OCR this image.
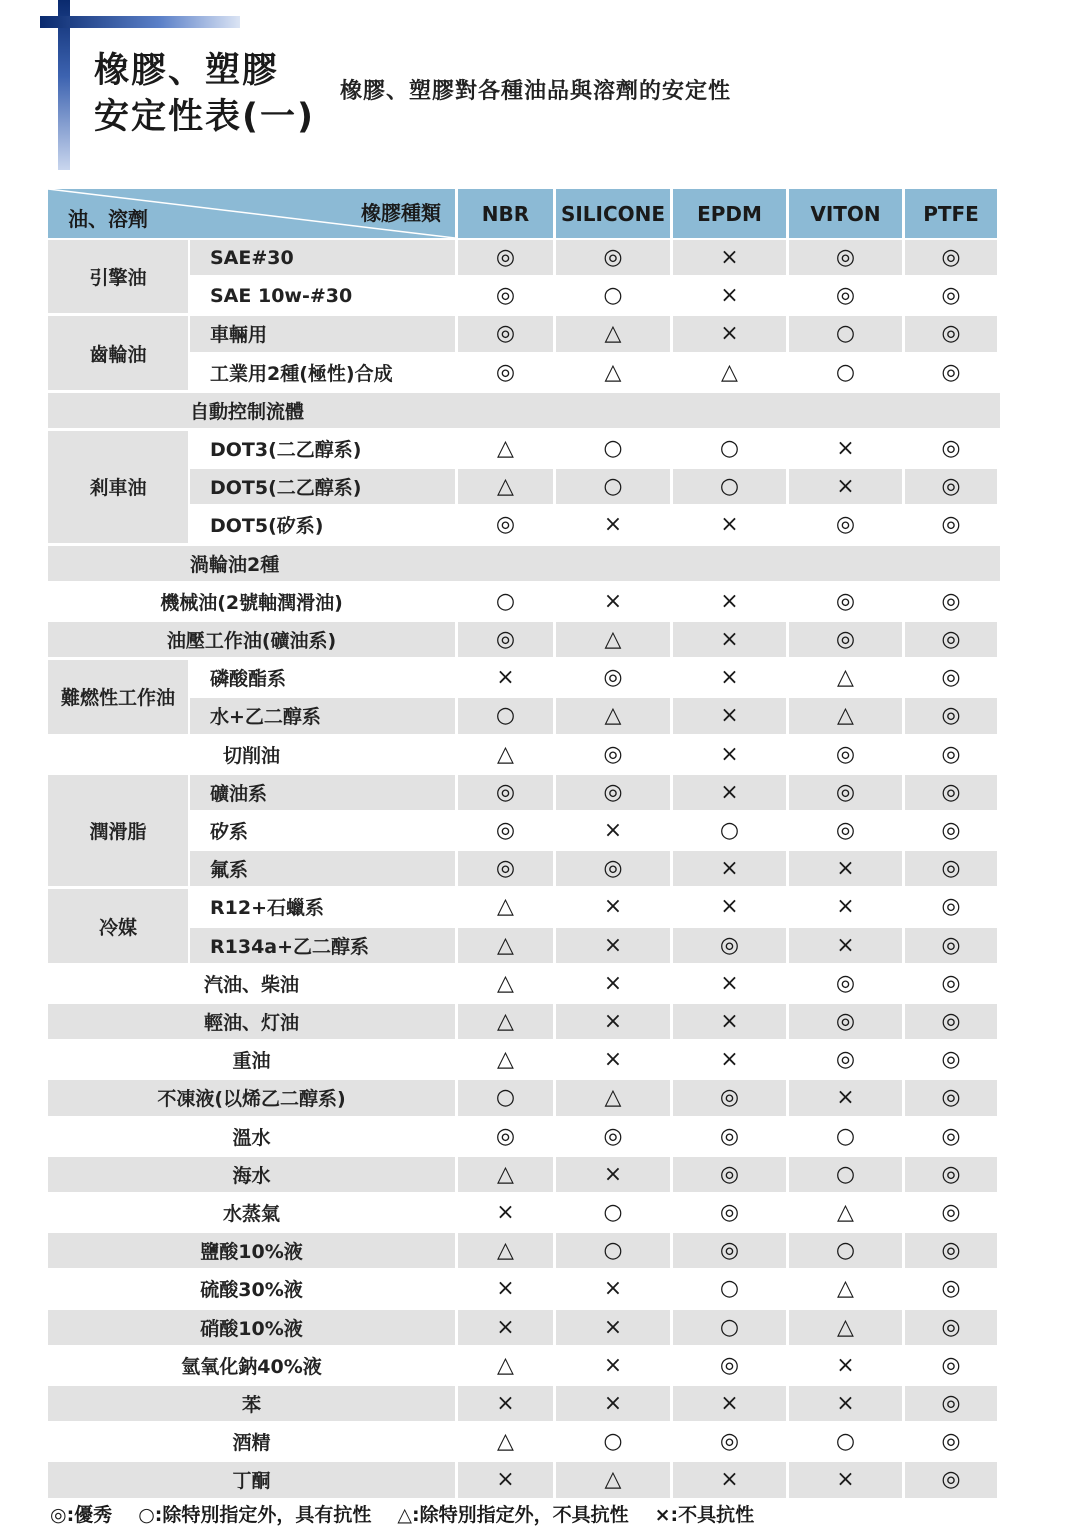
橡膠、塑膠
安定性表(一)
橡膠、塑膠對各種油品與溶劑的安定性
油、溶劑	橡膠種類	NBR	SILICONE	EPDM	VITON	PTFE
引擎油
SAE#30	◎	◎	×	◎	◎
SAE 10w-#30	◎	○	×	◎	◎
齒輪油
車輛用	◎	△	×	○	◎
工業用2種(極性)合成	◎	△	△	○	◎
自動控制流體
剎車油
DOT3(二乙醇系)	△	○	○	×	◎
DOT5(二乙醇系)	△	○	○	×	◎
DOT5(矽系)	◎	×	×	◎	◎
渦輪油2種
機械油(2號軸潤滑油)	○	×	×	◎	◎
油壓工作油(礦油系)	◎	△	×	◎	◎
難燃性工作油
磷酸酯系	×	◎	×	△	◎
水+乙二醇系	○	△	×	△	◎
切削油	△	◎	×	◎	◎
潤滑脂
礦油系	◎	◎	×	◎	◎
矽系	◎	×	○	◎	◎
氟系	◎	◎	×	×	◎
冷媒
R12+石蠟系	△	×	×	×	◎
R134a+乙二醇系	△	×	◎	×	◎
汽油、柴油	△	×	×	◎	◎
輕油、灯油	△	×	×	◎	◎
重油	△	×	×	◎	◎
不凍液(以烯乙二醇系)	○	△	◎	×	◎
溫水	◎	◎	◎	○	◎
海水	△	×	◎	○	◎
水蒸氣	×	○	◎	△	◎
鹽酸10%液	△	○	◎	○	◎
硫酸30%液	×	×	○	△	◎
硝酸10%液	×	×	○	△	◎
氫氧化鈉40%液	△	×	◎	×	◎
苯	×	×	×	×	◎
酒精	△	○	◎	○	◎
丁酮	×	△	×	×	◎
◎:優秀 ○:除特別指定外，具有抗性 △:除特別指定外，不具抗性 ×:不具抗性
